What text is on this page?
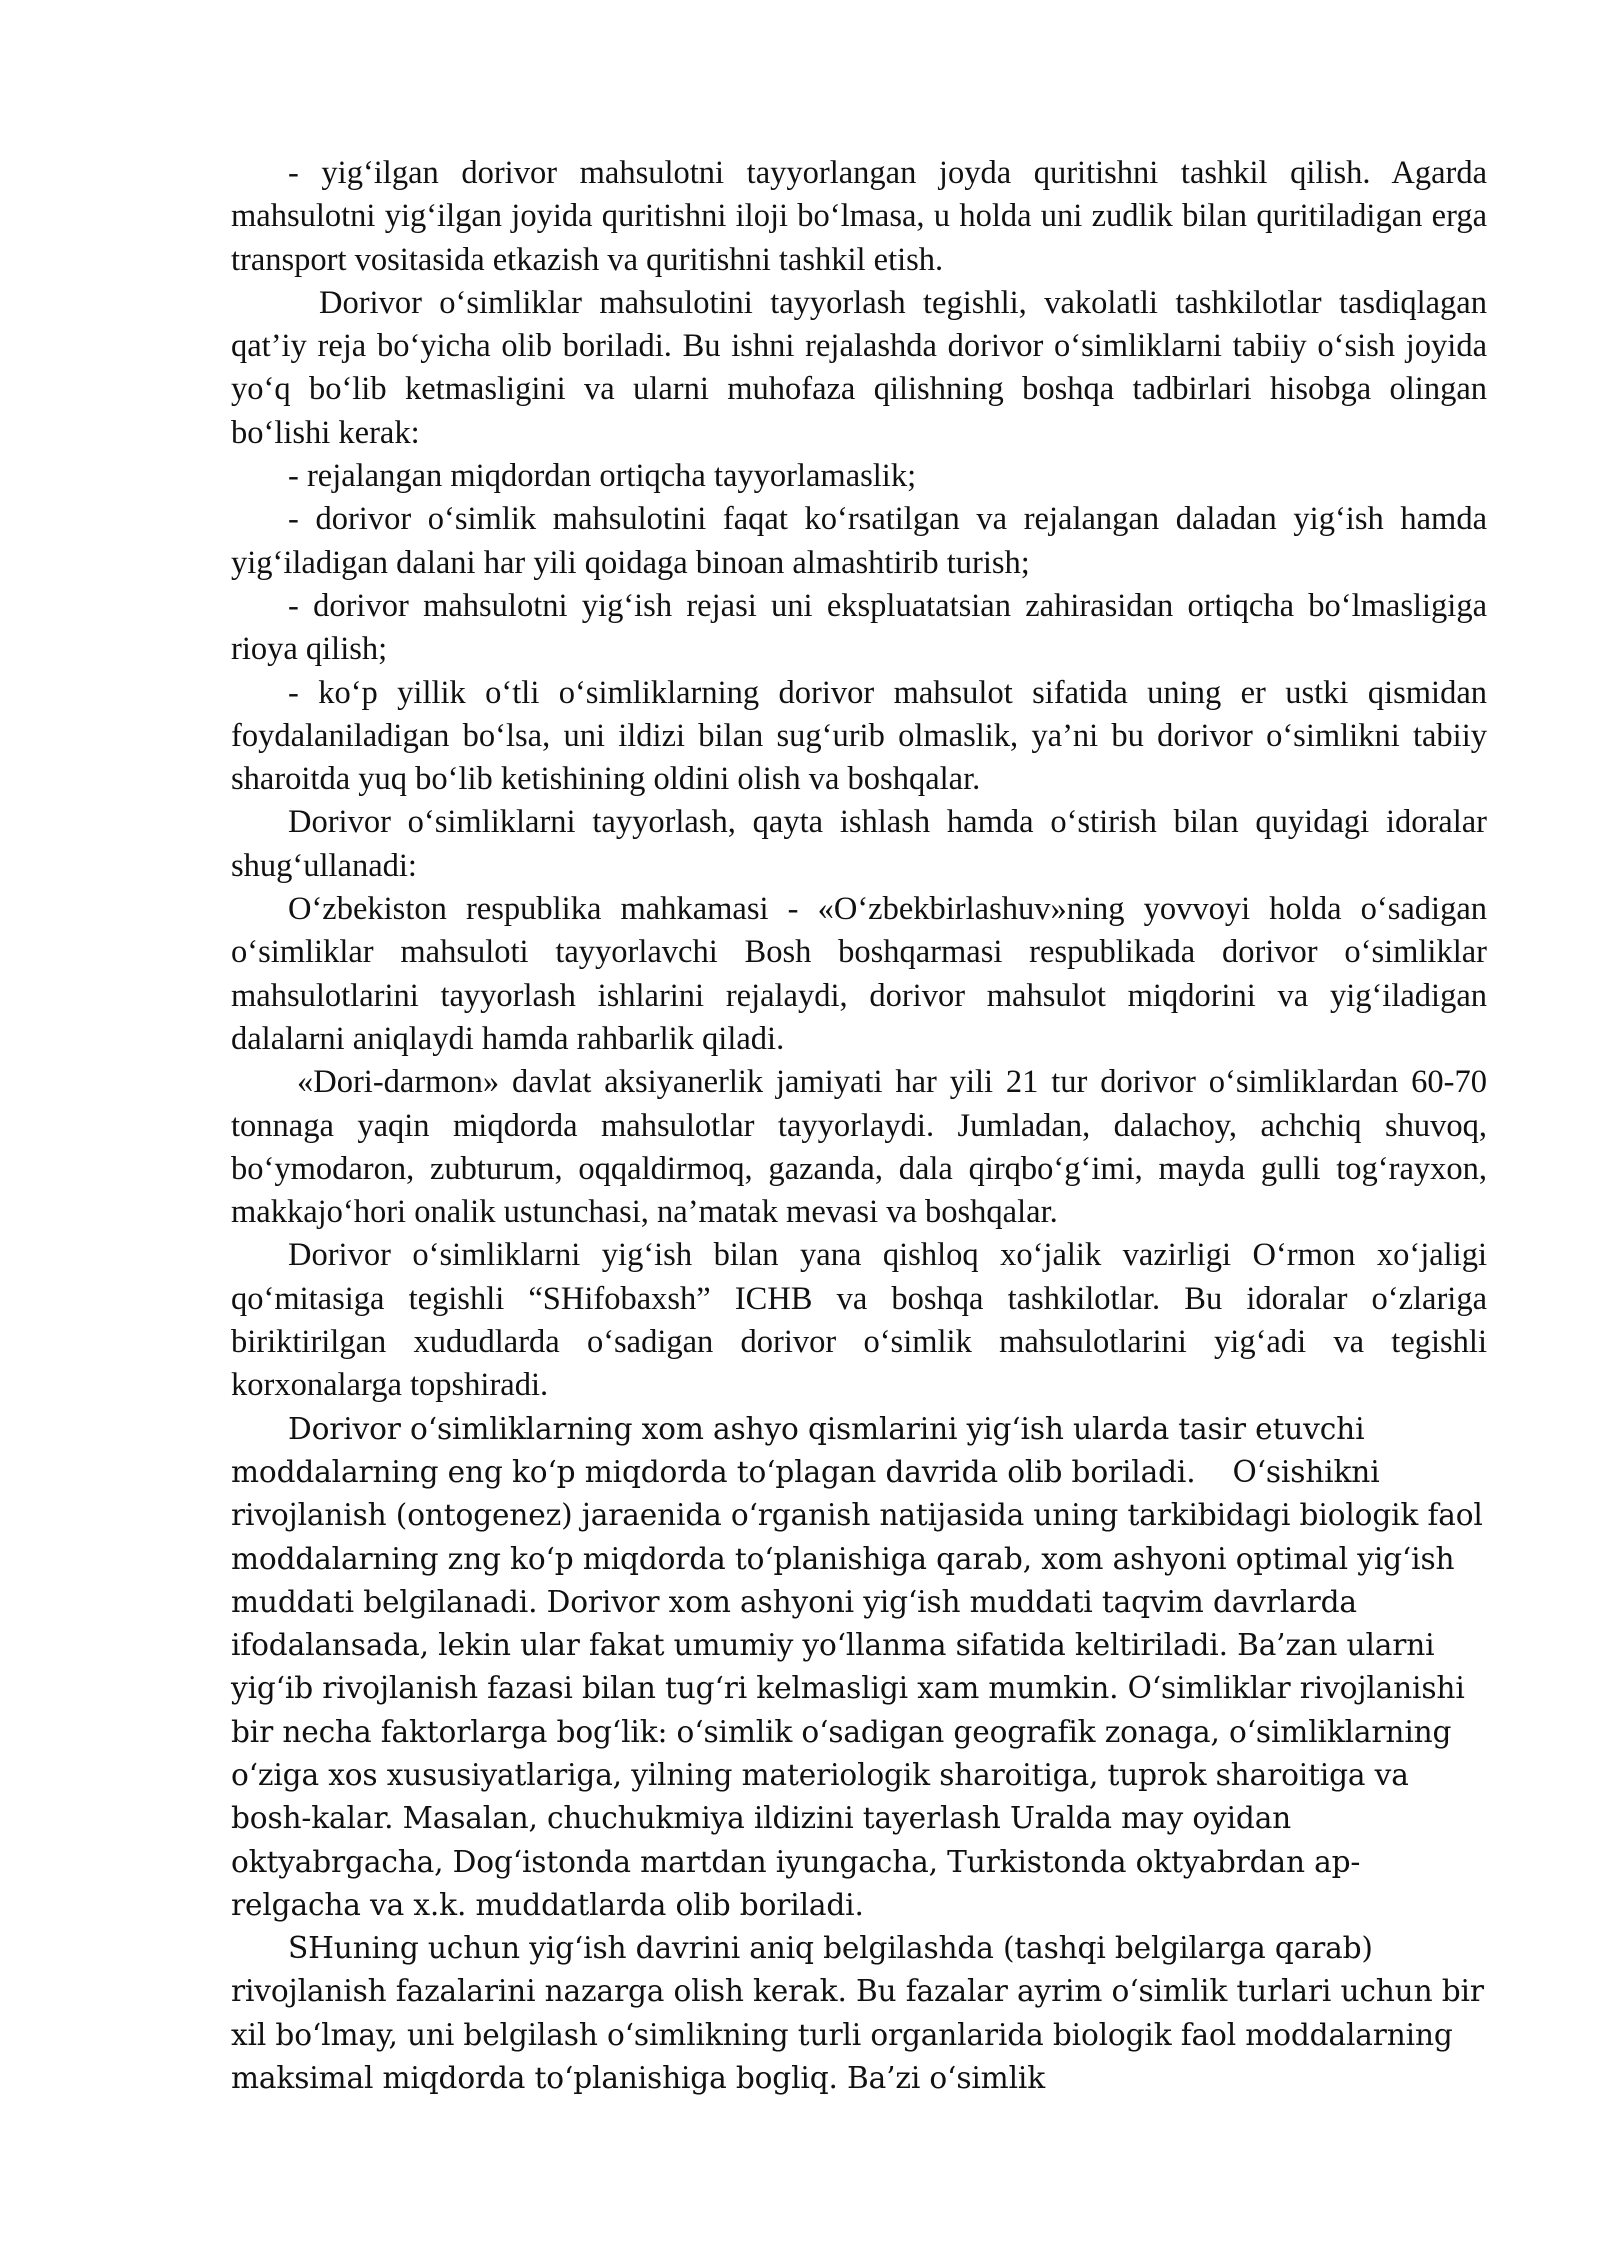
- yig‘ilgan dorivor mahsulotni tayyorlangan joyda quritishni tashkil qilish. Agarda mahsulotni yig‘ilgan joyida quritishni iloji bo‘lmasa, u holda uni zudlik bilan quritiladigan erga transport vositasida etkazish va quritishni tashkil etish.

Dorivor o‘simliklar mahsulotini tayyorlash tegishli, vakolatli tashkilotlar tasdiqlagan qat’iy reja bo‘yicha olib boriladi. Bu ishni rejalashda dorivor o‘simliklarni tabiiy o‘sish joyida yo‘q bo‘lib ketmasligini va ularni muhofaza qilishning boshqa tadbirlari hisobga olingan bo‘lishi kerak:

- rejalangan miqdordan ortiqcha tayyorlamaslik;

- dorivor o‘simlik mahsulotini faqat ko‘rsatilgan va rejalangan daladan yig‘ish hamda yig‘iladigan dalani har yili qoidaga binoan almashtirib turish;

- dorivor mahsulotni yig‘ish rejasi uni ekspluatatsian zahirasidan ortiqcha bo‘lmasligiga rioya qilish;

- ko‘p yillik o‘tli o‘simliklarning dorivor mahsulot sifatida uning er ustki qismidan foydalaniladigan bo‘lsa, uni ildizi bilan sug‘urib olmaslik, ya’ni bu dorivor o‘simlikni tabiiy sharoitda yuq bo‘lib ketishining oldini olish va boshqalar.

Dorivor o‘simliklarni tayyorlash, qayta ishlash hamda o‘stirish bilan quyidagi idoralar shug‘ullanadi:

O‘zbekiston respublika mahkamasi - «O‘zbekbirlashuv»ning yovvoyi holda o‘sadigan o‘simliklar mahsuloti tayyorlavchi Bosh boshqarmasi respublikada dorivor o‘simliklar mahsulotlarini tayyorlash ishlarini rejalaydi, dorivor mahsulot miqdorini va yig‘iladigan dalalarni aniqlaydi hamda rahbarlik qiladi.

«Dori-darmon» davlat aksiyanerlik jamiyati har yili 21 tur dorivor o‘simliklardan 60-70 tonnaga yaqin miqdorda mahsulotlar tayyorlaydi. Jumladan, dalachoy, achchiq shuvoq, bo‘ymodaron, zubturum, oqqaldirmoq, gazanda, dala qirqbo‘g‘imi, mayda gulli tog‘rayxon, makkajo‘hori onalik ustunchasi, na’matak mevasi va boshqalar.

Dorivor o‘simliklarni yig‘ish bilan yana qishloq xo‘jalik vazirligi O‘rmon xo‘jaligi qo‘mitasiga tegishli “SHifobaxsh” ICHB va boshqa tashkilotlar. Bu idoralar o‘zlariga biriktirilgan xududlarda o‘sadigan dorivor o‘simlik mahsulotlarini yig‘adi va tegishli korxonalarga topshiradi.

Dorivor o‘simliklarning xom ashyo qismlarini yig‘ish ularda tasir etuvchi moddalarning eng ko‘p miqdorda to‘plagan davrida olib boriladi.    O‘sishikni rivojlanish (ontogenez) jaraenida o‘rganish natijasida uning tarkibidagi biologik faol moddalarning zng ko‘p miqdorda to‘planishiga qarab, xom ashyoni optimal yig‘ish muddati belgilanadi. Dorivor xom ashyoni yig‘ish muddati taqvim davrlarda ifodalansada, lekin ular fakat umumiy yo‘llanma sifatida keltiriladi. Ba’zan ularni yig‘ib rivojlanish fazasi bilan tug‘ri kelmasligi xam mumkin. O‘simliklar rivojlanishi bir necha faktorlarga bog‘lik: o‘simlik o‘sadigan geografik zonaga, o‘simliklarning o‘ziga xos xususiyatlariga, yilning materiologik sharoitiga, tuprok sharoitiga va bosh-kalar. Masalan, chuchukmiya ildizini tayerlash Uralda may oyidan oktyabrgacha, Dog‘istonda martdan iyungacha, Turkistonda oktyabrdan ap-relgacha va x.k. muddatlarda olib boriladi.

SHuning uchun yig‘ish davrini aniq belgilashda (tashqi belgilarga qarab) rivojlanish fazalarini nazarga olish kerak. Bu fazalar ayrim o‘simlik turlari uchun bir xil bo‘lmay, uni belgilash o‘simlikning turli organlarida biologik faol moddalarning maksimal miqdorda to‘planishiga bogliq. Ba’zi o‘simlik
